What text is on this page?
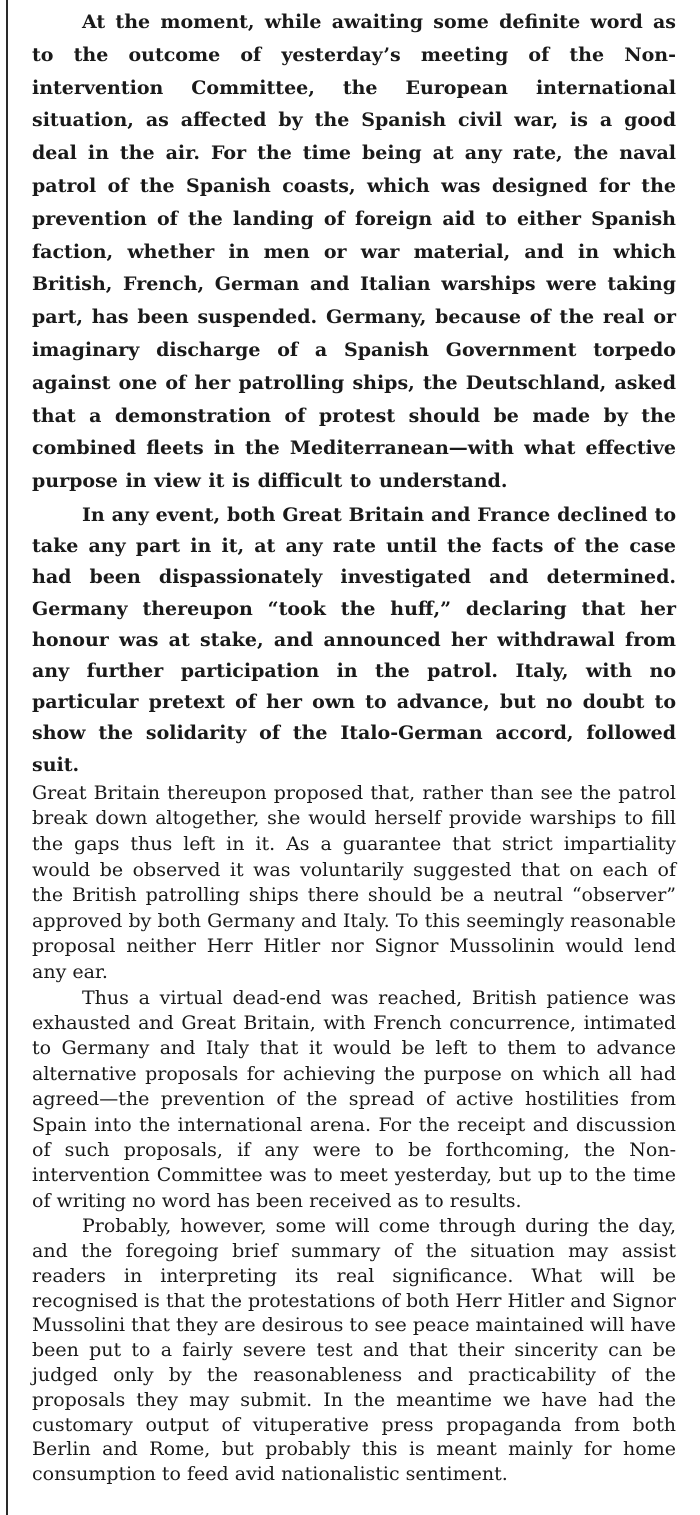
At the moment, while awaiting some definite word as to the outcome of yesterday’s meeting of the Non-intervention Committee, the European international situation, as affected by the Spanish civil war, is a good deal in the air. For the time being at any rate, the naval patrol of the Spanish coasts, which was designed for the prevention of the landing of foreign aid to either Spanish faction, whether in men or war material, and in which British, French, German and Italian warships were taking part, has been suspended. Germany, because of the real or imaginary discharge of a Spanish Government torpedo against one of her patrolling ships, the Deutschland, asked that a demonstration of protest should be made by the combined fleets in the Mediterranean—with what effective purpose in view it is difficult to understand.

In any event, both Great Britain and France declined to take any part in it, at any rate until the facts of the case had been dispassionately investigated and determined. Germany thereupon “took the huff,” declaring that her honour was at stake, and announced her withdrawal from any further participation in the patrol. Italy, with no particular pretext of her own to advance, but no doubt to show the solidarity of the Italo-German accord, followed suit.

Great Britain thereupon proposed that, rather than see the patrol break down altogether, she would herself provide warships to fill the gaps thus left in it. As a guarantee that strict impartiality would be observed it was voluntarily suggested that on each of the British patrolling ships there should be a neutral “observer” approved by both Germany and Italy. To this seemingly reasonable proposal neither Herr Hitler nor Signor Mussolinin would lend any ear.

Thus a virtual dead-end was reached, British patience was exhausted and Great Britain, with French concurrence, intimated to Germany and Italy that it would be left to them to advance alternative proposals for achieving the purpose on which all had agreed—the prevention of the spread of active hostilities from Spain into the international arena. For the receipt and discussion of such proposals, if any were to be forthcoming, the Non-intervention Committee was to meet yesterday, but up to the time of writing no word has been received as to results.

Probably, however, some will come through during the day, and the foregoing brief summary of the situation may assist readers in interpreting its real significance. What will be recognised is that the protestations of both Herr Hitler and Signor Mussolini that they are desirous to see peace maintained will have been put to a fairly severe test and that their sincerity can be judged only by the reasonableness and practicability of the proposals they may submit. In the meantime we have had the customary output of vituperative press propaganda from both Berlin and Rome, but probably this is meant mainly for home consumption to feed avid nationalistic sentiment.
